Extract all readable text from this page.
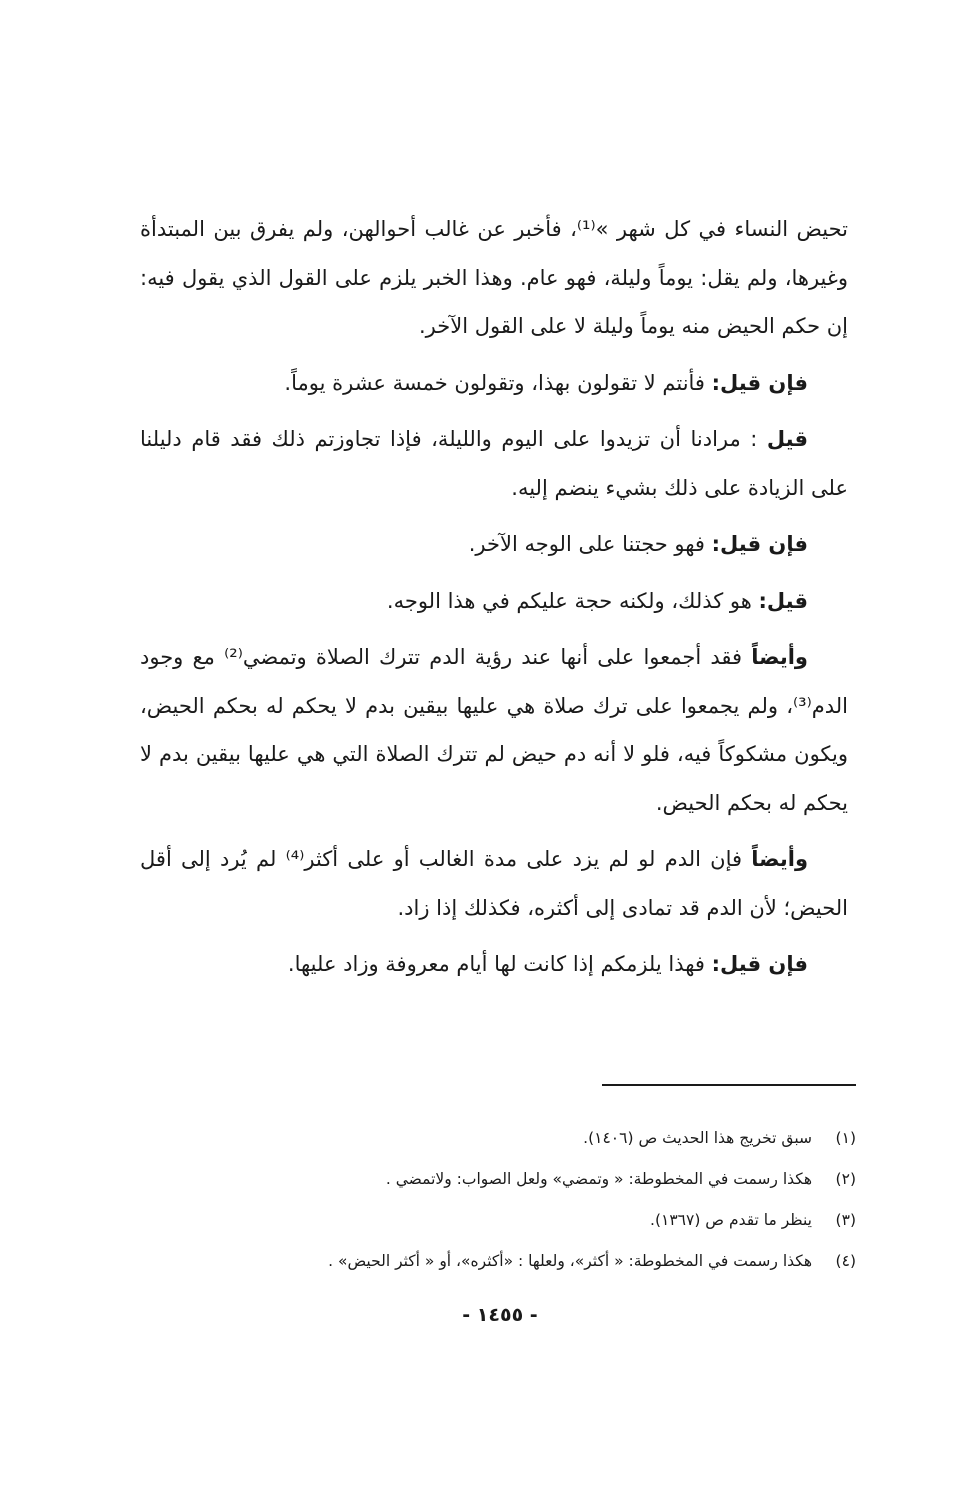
تحيض النساء في كل شهر »⁽¹⁾، فأخبر عن غالب أحوالهن، ولم يفرق بين المبتدأة وغيرها، ولم يقل: يوماً وليلة، فهو عام. وهذا الخبر يلزم على القول الذي يقول فيه: إن حكم الحيض منه يوماً وليلة لا على القول الآخر.

فإن قيل: فأنتم لا تقولون بهذا، وتقولون خمسة عشرة يوماً.

قيل : مرادنا أن تزيدوا على اليوم والليلة، فإذا تجاوزتم ذلك فقد قام دليلنا على الزيادة على ذلك بشيء ينضم إليه.

فإن قيل: فهو حجتنا على الوجه الآخر.

قيل: هو كذلك، ولكنه حجة عليكم في هذا الوجه.

وأيضاً فقد أجمعوا على أنها عند رؤية الدم تترك الصلاة وتمضي⁽²⁾ مع وجود الدم⁽³⁾، ولم يجمعوا على ترك صلاة هي عليها بيقين بدم لا يحكم له بحكم الحيض، ويكون مشكوكاً فيه، فلو لا أنه دم حيض لم تترك الصلاة التي هي عليها بيقين بدم لا يحكم له بحكم الحيض.

وأيضاً فإن الدم لو لم يزد على مدة الغالب أو على أكثر⁽⁴⁾ لم يُرد إلى أقل الحيض؛ لأن الدم قد تمادى إلى أكثره، فكذلك إذا زاد.

فإن قيل: فهذا يلزمكم إذا كانت لها أيام معروفة وزاد عليها.

(١)سبق تخريج هذا الحديث ص (١٤٠٦).
(٢)هكذا رسمت في المخطوطة: « وتمضي» ولعل الصواب: ولاتمضي .
(٣)ينظر ما تقدم ص (١٣٦٧).
(٤)هكذا رسمت في المخطوطة: « أكثر»، ولعلها : «أكثره»، أو « أكثر الحيض» .
- ١٤٥٥ -
